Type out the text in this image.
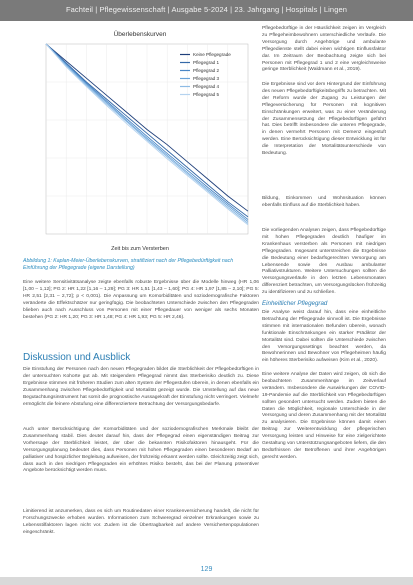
Fachteil | Pflegewissenschaft | Ausgabe 5-2024 | 23. Jahrgang | Hospitals | Lingen
Überlebenskurven
Keine Pflegegrade
Pflegegrad 1
Pflegegrad 2
Pflegegrad 3
Pflegegrad 4
Pflegegrad 5
Zeit bis zum Versterben
Abbildung 1: Kaplan-Meier-Überlebenskurven, stratifiziert nach der Pflegebedürftigkeit nach Einführung der Pflegegrade (eigene Darstellung)
Eine weitere Sensitivitätsanalyse zeigte ebenfalls robuste Ergebnisse über die Modelle hinweg (HR 1,06 [1,00 – 1,12]; PG 2: HR 1,22 [1,16 – 1,29]; PG 3: HR 1,51 [1,43 – 1,60]; PG 4: HR 1,97 [1,85 – 2,10]; PG 5: HR 2,51 [2,31 – 2,72]; p < 0,001). Die Anpassung um Komorbiditäten und soziodemografische Faktoren veränderte die Effektschätzer nur geringfügig. Die beobachteten Unterschiede zwischen den Pflegegraden blieben auch nach Ausschluss von Personen mit einer Pflegedauer von weniger als sechs Monaten bestehen (PG 2: HR 1,20; PG 3: HR 1,48; PG 4: HR 1,93; PG 5: HR 2,46).
Diskussion und Ausblick
Die Einstufung der Personen nach den neuen Pflegegraden bildet die Sterblichkeit der Pflegebedürftigen in der untersuchten Kohorte gut ab. Mit steigendem Pflegegrad nimmt das Sterberisiko deutlich zu. Diese Ergebnisse stimmen mit früheren Studien zum alten System der Pflegestufen überein, in denen ebenfalls ein Zusammenhang zwischen Pflegebedürftigkeit und Mortalität gezeigt wurde. Die Umstellung auf das neue Begutachtungsinstrument hat somit die prognostische Aussagekraft der Einstufung nicht verringert. Vielmehr ermöglicht die feinere Abstufung eine differenziertere Betrachtung der Versorgungsbedarfe.
Auch unter Berücksichtigung der Komorbiditäten und der soziodemografischen Merkmale bleibt der Zusammenhang stabil. Dies deutet darauf hin, dass der Pflegegrad einen eigenständigen Beitrag zur Vorhersage der Sterblichkeit leistet, der über die bekannten Risikofaktoren hinausgeht. Für die Versorgungsplanung bedeutet dies, dass Personen mit hohen Pflegegraden einen besonderen Bedarf an palliativer und hospizlicher Begleitung aufweisen, der frühzeitig erkannt werden sollte. Gleichzeitig zeigt sich, dass auch in den niedrigen Pflegegraden ein erhöhtes Risiko besteht, das bei der Planung präventiver Angebote berücksichtigt werden muss.
Limitierend ist anzumerken, dass es sich um Routinedaten einer Krankenversicherung handelt, die nicht für Forschungszwecke erhoben wurden. Informationen zum Schweregrad einzelner Erkrankungen sowie zu Lebensstilfaktoren lagen nicht vor. Zudem ist die Übertragbarkeit auf andere Versichertenpopulationen eingeschränkt.
Pflegebedürftige in der Häuslichkeit zeigen im Vergleich zu Pflegeheimbewohnern unterschiedliche Verläufe. Die Versorgung durch Angehörige und ambulante Pflegedienste stellt dabei einen wichtigen Einflussfaktor dar. Im Zeitraum der Beobachtung zeigte sich bei Personen mit Pflegegrad 1 und 2 eine vergleichsweise geringe Sterblichkeit (Waldmann et al., 2019).
Die Ergebnisse sind vor dem Hintergrund der Einführung des neuen Pflegebedürftigkeitsbegriffs zu betrachten. Mit der Reform wurde der Zugang zu Leistungen der Pflegeversicherung für Personen mit kognitiven Einschränkungen erweitert, was zu einer Veränderung der Zusammensetzung der Pflegebedürftigen geführt hat. Dies betrifft insbesondere die unteren Pflegegrade, in denen vermehrt Personen mit Demenz eingestuft werden. Eine Berücksichtigung dieser Entwicklung ist für die Interpretation der Mortalitätsunterschiede von Bedeutung.
Bildung, Einkommen und Wohnsituation können ebenfalls Einfluss auf die Sterblichkeit haben.
Die vorliegenden Analysen zeigen, dass Pflegebedürftige mit hohen Pflegegraden deutlich häufiger im Krankenhaus versterben als Personen mit niedrigen Pflegegraden. Insgesamt unterstreichen die Ergebnisse die Bedeutung einer bedarfsgerechten Versorgung am Lebensende sowie den Ausbau ambulanter Palliativstrukturen. Weitere Untersuchungen sollten die Versorgungsverläufe in den letzten Lebensmonaten differenziert betrachten, um Versorgungslücken frühzeitig zu identifizieren und zu schließen.
Einheitlicher Pflegegrad
Die Analyse weist darauf hin, dass eine einheitliche Betrachtung der Pflegegrade sinnvoll ist. Die Ergebnisse stimmen mit internationalen Befunden überein, wonach funktionale Einschränkungen ein starker Prädiktor der Mortalität sind. Dabei sollten die Unterschiede zwischen den Versorgungssettings beachtet werden, da Bewohnerinnen und Bewohner von Pflegeheimen häufig ein höheres Sterberisiko aufweisen (Kim et al., 2020).
Eine weitere Analyse der Daten wird zeigen, ob sich die beobachteten Zusammenhänge im Zeitverlauf verändern. Insbesondere die Auswirkungen der COVID-19-Pandemie auf die Sterblichkeit von Pflegebedürftigen sollten gesondert untersucht werden. Zudem bieten die Daten die Möglichkeit, regionale Unterschiede in der Versorgung und deren Zusammenhang mit der Mortalität zu analysieren. Die Ergebnisse können damit einen Beitrag zur Weiterentwicklung der pflegerischen Versorgung leisten und Hinweise für eine zielgerichtete Gestaltung von Unterstützungsangeboten liefern, die den Bedürfnissen der Betroffenen und ihrer Angehörigen gerecht werden.
129
